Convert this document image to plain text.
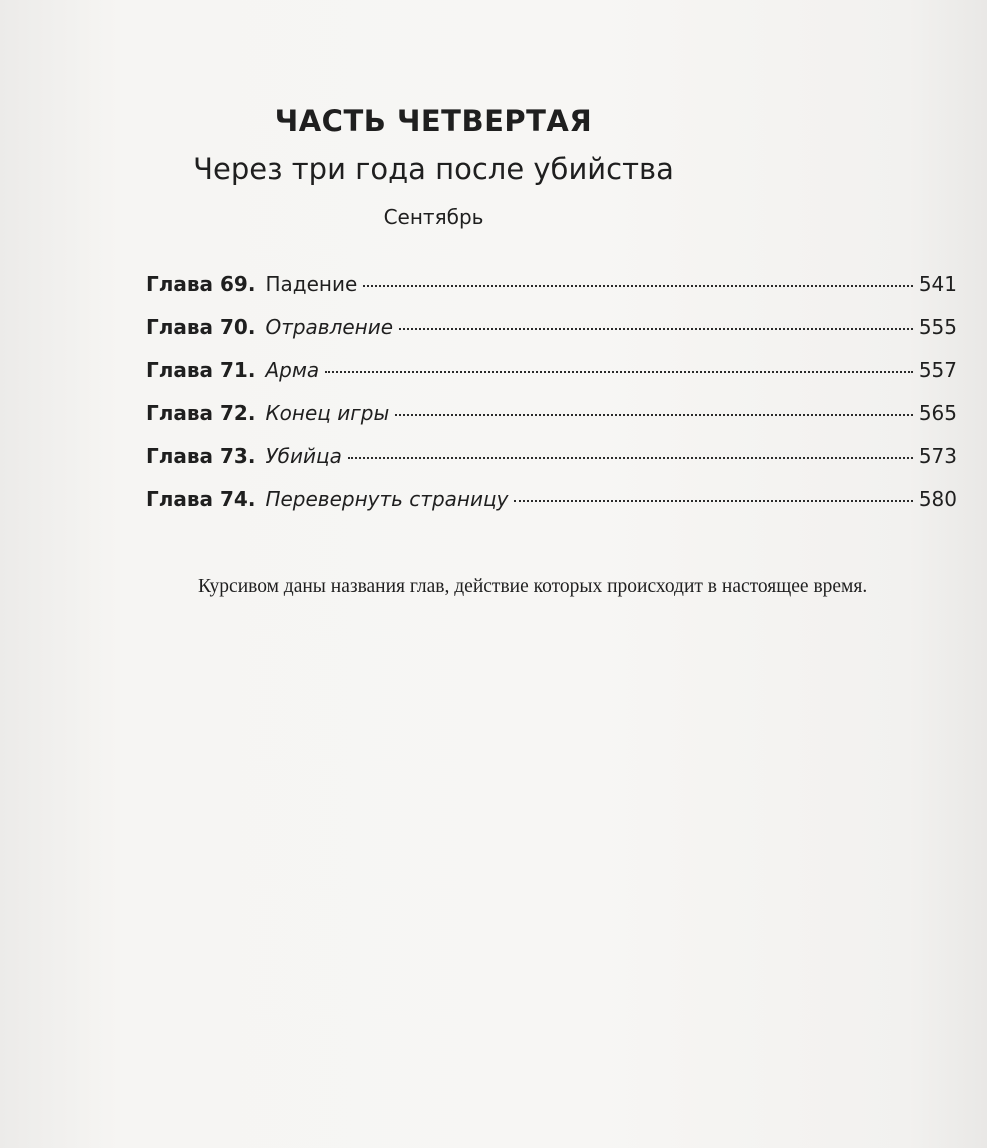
ЧАСТЬ ЧЕТВЕРТАЯ
Через три года после убийства
Сентябрь
Глава 69. Падение	541
Глава 70. Отравление	555
Глава 71. Арма	557
Глава 72. Конец игры	565
Глава 73. Убийца	573
Глава 74. Перевернуть страницу	580
Курсивом даны названия глав, действие которых происходит в настоящее время.
